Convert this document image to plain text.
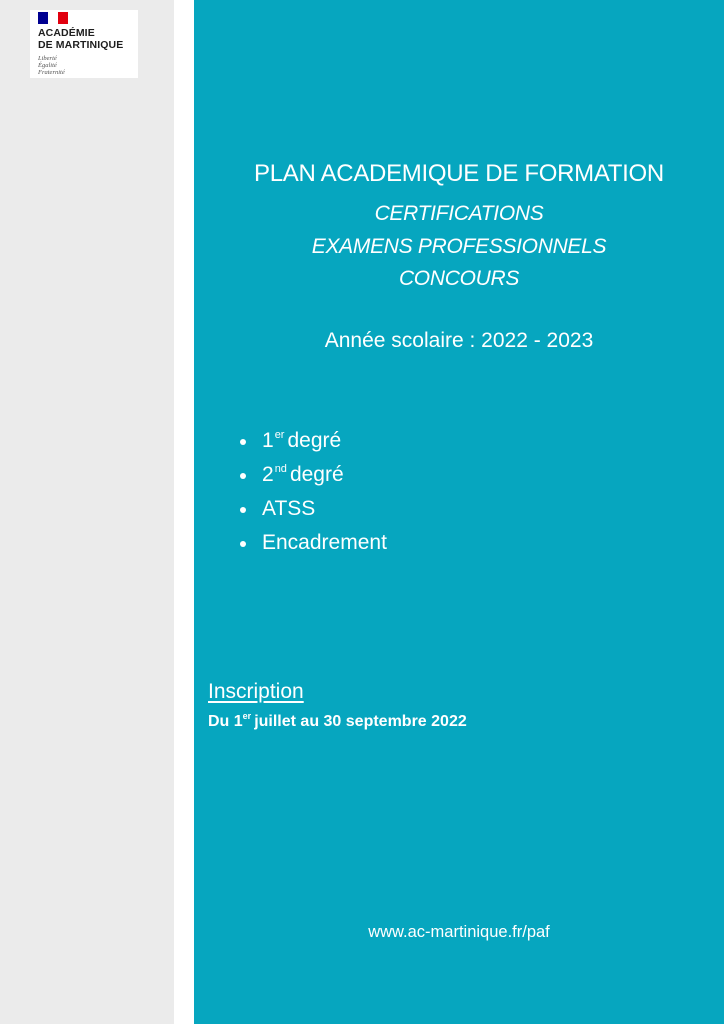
ACADÉMIE
DE MARTINIQUE
Liberté
Égalité
Fraternité
PLAN ACADEMIQUE DE FORMATION
CERTIFICATIONS
EXAMENS PROFESSIONNELS
CONCOURS
Année scolaire : 2022 - 2023
1er degré
2nd degré
ATSS
Encadrement
Inscription
Du 1er juillet au 30 septembre 2022
www.ac-martinique.fr/paf
